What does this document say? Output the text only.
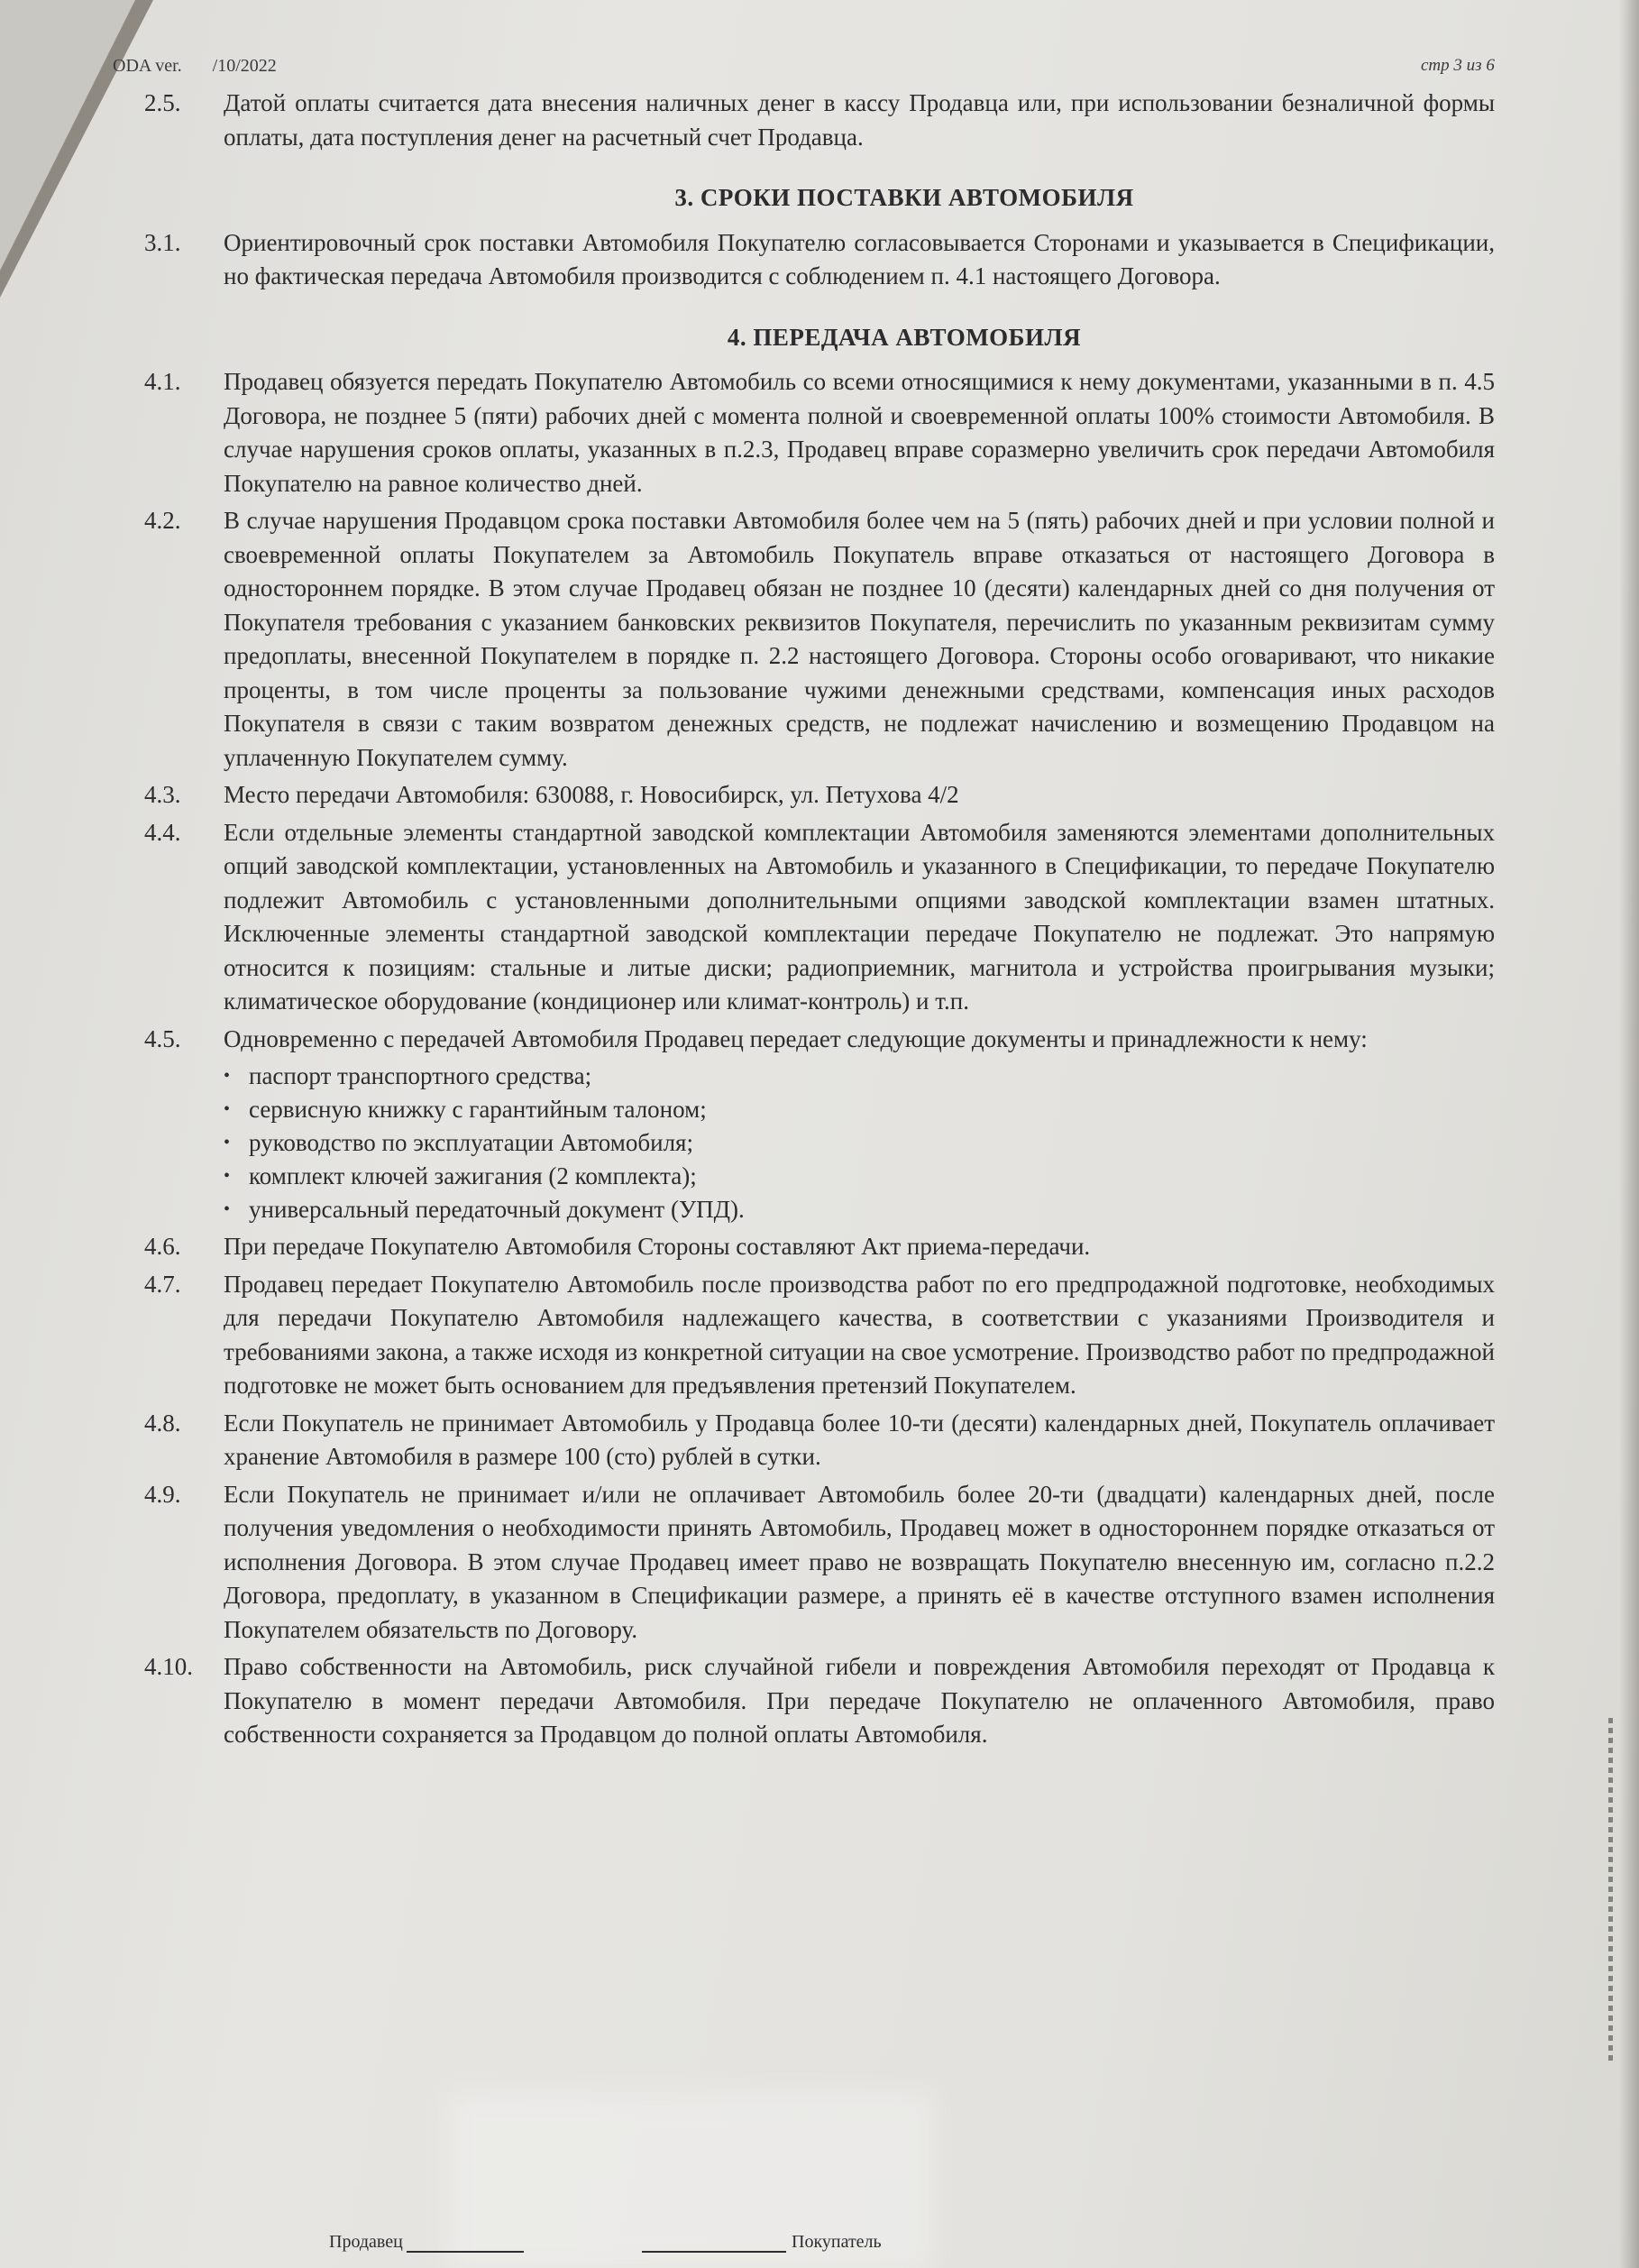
ODA ver. /10/2022	стр 3 из 6
2.5.	Датой оплаты считается дата внесения наличных денег в кассу Продавца или, при использовании безналичной формы оплаты, дата поступления денег на расчетный счет Продавца.
3. СРОКИ ПОСТАВКИ АВТОМОБИЛЯ
3.1.	Ориентировочный срок поставки Автомобиля Покупателю согласовывается Сторонами и указывается в Спецификации, но фактическая передача Автомобиля производится с соблюдением п. 4.1 настоящего Договора.
4. ПЕРЕДАЧА АВТОМОБИЛЯ
4.1.	Продавец обязуется передать Покупателю Автомобиль со всеми относящимися к нему документами, указанными в п. 4.5 Договора, не позднее 5 (пяти) рабочих дней с момента полной и своевременной оплаты 100% стоимости Автомобиля. В случае нарушения сроков оплаты, указанных в п.2.3, Продавец вправе соразмерно увеличить срок передачи Автомобиля Покупателю на равное количество дней.
4.2.	В случае нарушения Продавцом срока поставки Автомобиля более чем на 5 (пять) рабочих дней и при условии полной и своевременной оплаты Покупателем за Автомобиль Покупатель вправе отказаться от настоящего Договора в одностороннем порядке. В этом случае Продавец обязан не позднее 10 (десяти) календарных дней со дня получения от Покупателя требования с указанием банковских реквизитов Покупателя, перечислить по указанным реквизитам сумму предоплаты, внесенной Покупателем в порядке п. 2.2 настоящего Договора. Стороны особо оговаривают, что никакие проценты, в том числе проценты за пользование чужими денежными средствами, компенсация иных расходов Покупателя в связи с таким возвратом денежных средств, не подлежат начислению и возмещению Продавцом на уплаченную Покупателем сумму.
4.3.	Место передачи Автомобиля: 630088, г. Новосибирск, ул. Петухова 4/2
4.4.	Если отдельные элементы стандартной заводской комплектации Автомобиля заменяются элементами дополнительных опций заводской комплектации, установленных на Автомобиль и указанного в Спецификации, то передаче Покупателю подлежит Автомобиль с установленными дополнительными опциями заводской комплектации взамен штатных. Исключенные элементы стандартной заводской комплектации передаче Покупателю не подлежат. Это напрямую относится к позициям: стальные и литые диски; радиоприемник, магнитола и устройства проигрывания музыки; климатическое оборудование (кондиционер или климат-контроль) и т.п.
4.5.	Одновременно с передачей Автомобиля Продавец передает следующие документы и принадлежности к нему:
• паспорт транспортного средства;
• сервисную книжку с гарантийным талоном;
• руководство по эксплуатации Автомобиля;
• комплект ключей зажигания (2 комплекта);
• универсальный передаточный документ (УПД).
4.6.	При передаче Покупателю Автомобиля Стороны составляют Акт приема-передачи.
4.7.	Продавец передает Покупателю Автомобиль после производства работ по его предпродажной подготовке, необходимых для передачи Покупателю Автомобиля надлежащего качества, в соответствии с указаниями Производителя и требованиями закона, а также исходя из конкретной ситуации на свое усмотрение. Производство работ по предпродажной подготовке не может быть основанием для предъявления претензий Покупателем.
4.8.	Если Покупатель не принимает Автомобиль у Продавца более 10-ти (десяти) календарных дней, Покупатель оплачивает хранение Автомобиля в размере 100 (сто) рублей в сутки.
4.9.	Если Покупатель не принимает и/или не оплачивает Автомобиль более 20-ти (двадцати) календарных дней, после получения уведомления о необходимости принять Автомобиль, Продавец может в одностороннем порядке отказаться от исполнения Договора. В этом случае Продавец имеет право не возвращать Покупателю внесенную им, согласно п.2.2 Договора, предоплату, в указанном в Спецификации размере, а принять её в качестве отступного взамен исполнения Покупателем обязательств по Договору.
4.10.	Право собственности на Автомобиль, риск случайной гибели и повреждения Автомобиля переходят от Продавца к Покупателю в момент передачи Автомобиля. При передаче Покупателю не оплаченного Автомобиля, право собственности сохраняется за Продавцом до полной оплаты Автомобиля.
Продавец	Покупатель
